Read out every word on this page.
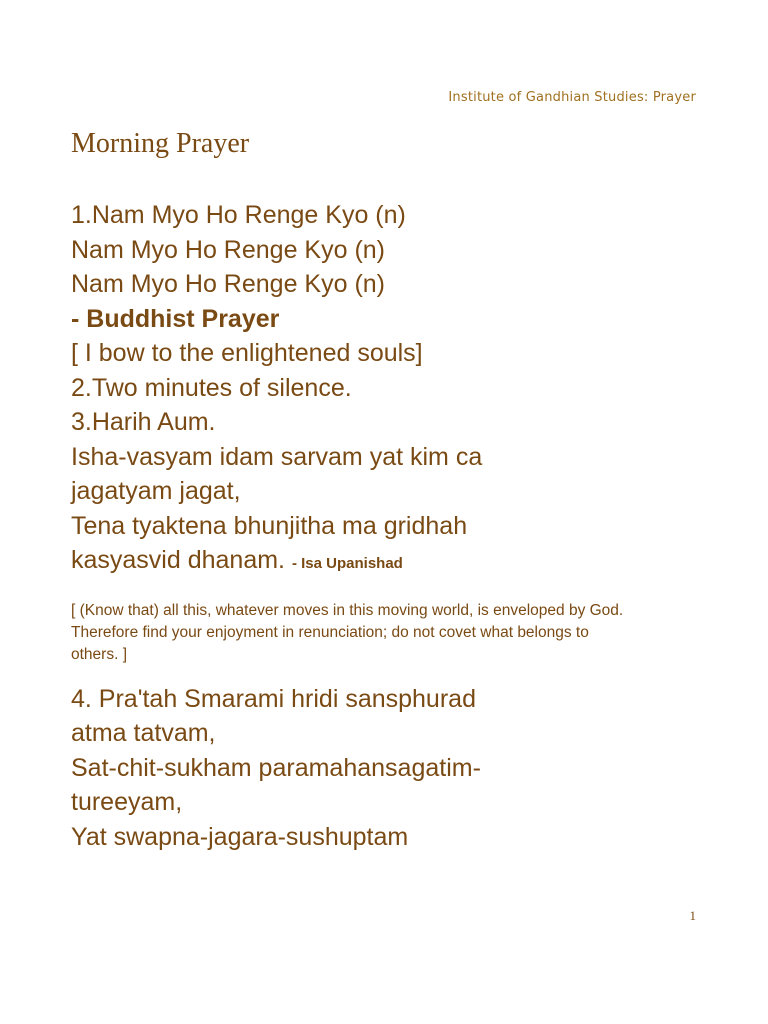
Institute of Gandhian Studies: Prayer
Morning Prayer
1.Nam Myo Ho Renge Kyo (n)
Nam Myo Ho Renge Kyo (n)
Nam Myo Ho Renge Kyo (n)
- Buddhist Prayer
[ I bow to the enlightened souls]
2.Two minutes of silence.
3.Harih Aum.
Isha-vasyam idam sarvam yat kim ca
jagatyam jagat,
Tena tyaktena bhunjitha ma gridhah
kasyasvid dhanam. - Isa Upanishad
[ (Know that) all this, whatever moves in this moving world, is enveloped by God. Therefore find your enjoyment in renunciation; do not covet what belongs to others. ]
4. Pra'tah Smarami hridi sansphurad
atma tatvam,
Sat-chit-sukham paramahansagatim-
tureeyam,
Yat swapna-jagara-sushuptam
1
